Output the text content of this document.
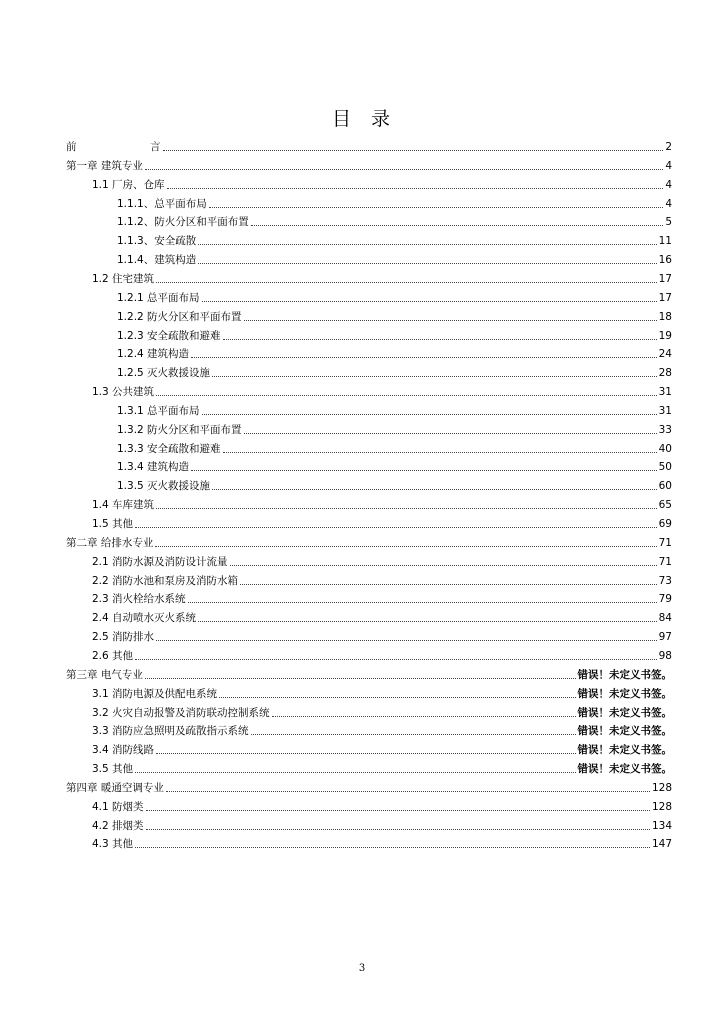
目 录
前　　　　　　　言	2
第一章 建筑专业	4
1.1 厂房、仓库	4
1.1.1、总平面布局	4
1.1.2、防火分区和平面布置	5
1.1.3、安全疏散	11
1.1.4、建筑构造	16
1.2 住宅建筑	17
1.2.1 总平面布局	17
1.2.2 防火分区和平面布置	18
1.2.3 安全疏散和避难	19
1.2.4 建筑构造	24
1.2.5 灭火救援设施	28
1.3 公共建筑	31
1.3.1 总平面布局	31
1.3.2 防火分区和平面布置	33
1.3.3 安全疏散和避难	40
1.3.4 建筑构造	50
1.3.5 灭火救援设施	60
1.4 车库建筑	65
1.5 其他	69
第二章 给排水专业	71
2.1 消防水源及消防设计流量	71
2.2 消防水池和泵房及消防水箱	73
2.3 消火栓给水系统	79
2.4 自动喷水灭火系统	84
2.5 消防排水	97
2.6 其他	98
第三章 电气专业	错误！未定义书签。
3.1 消防电源及供配电系统	错误！未定义书签。
3.2 火灾自动报警及消防联动控制系统	错误！未定义书签。
3.3 消防应急照明及疏散指示系统	错误！未定义书签。
3.4 消防线路	错误！未定义书签。
3.5 其他	错误！未定义书签。
第四章 暖通空调专业	128
4.1 防烟类	128
4.2 排烟类	134
4.3 其他	147
3
